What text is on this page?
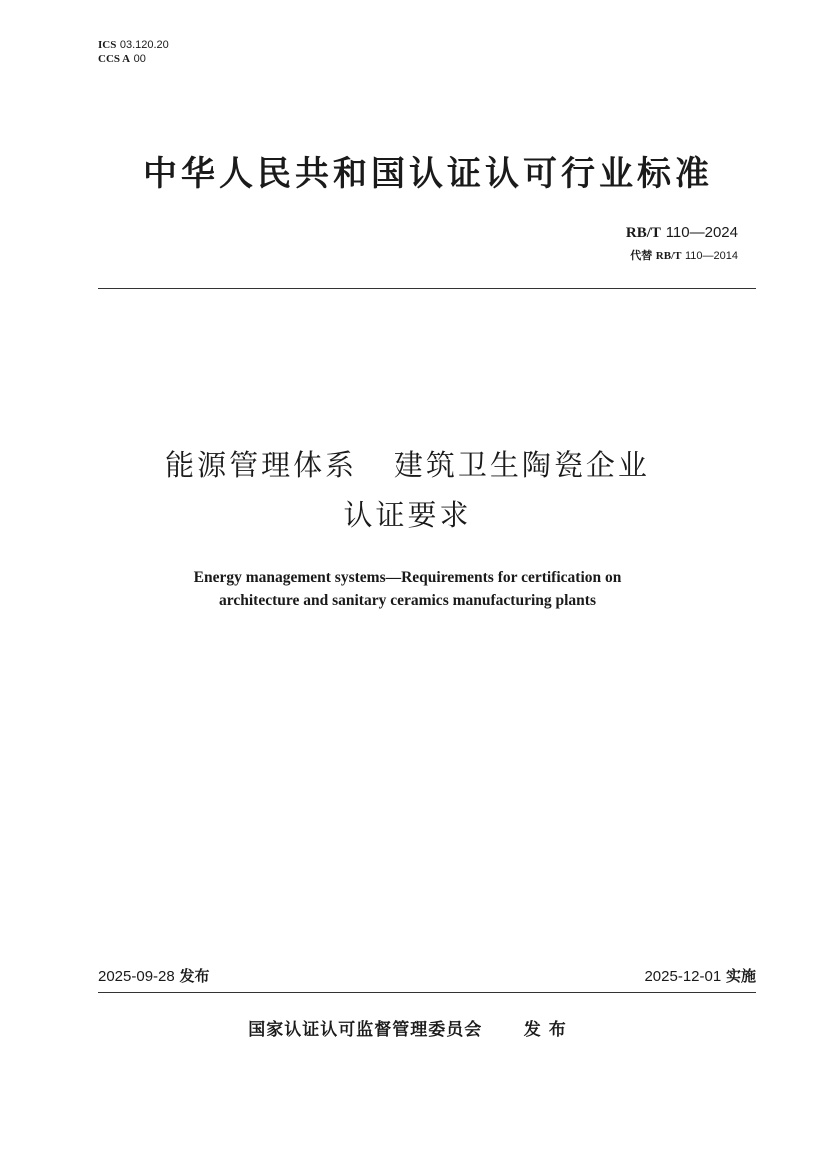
ICS 03.120.20
CCS A 00
中华人民共和国认证认可行业标准
RB/T 110—2024
代替 RB/T 110—2014
能源管理体系   建筑卫生陶瓷企业
认证要求
Energy management systems—Requirements for certification on
architecture and sanitary ceramics manufacturing plants
2025-09-28 发布	2025-12-01 实施
国家认证认可监督管理委员会 发 布
